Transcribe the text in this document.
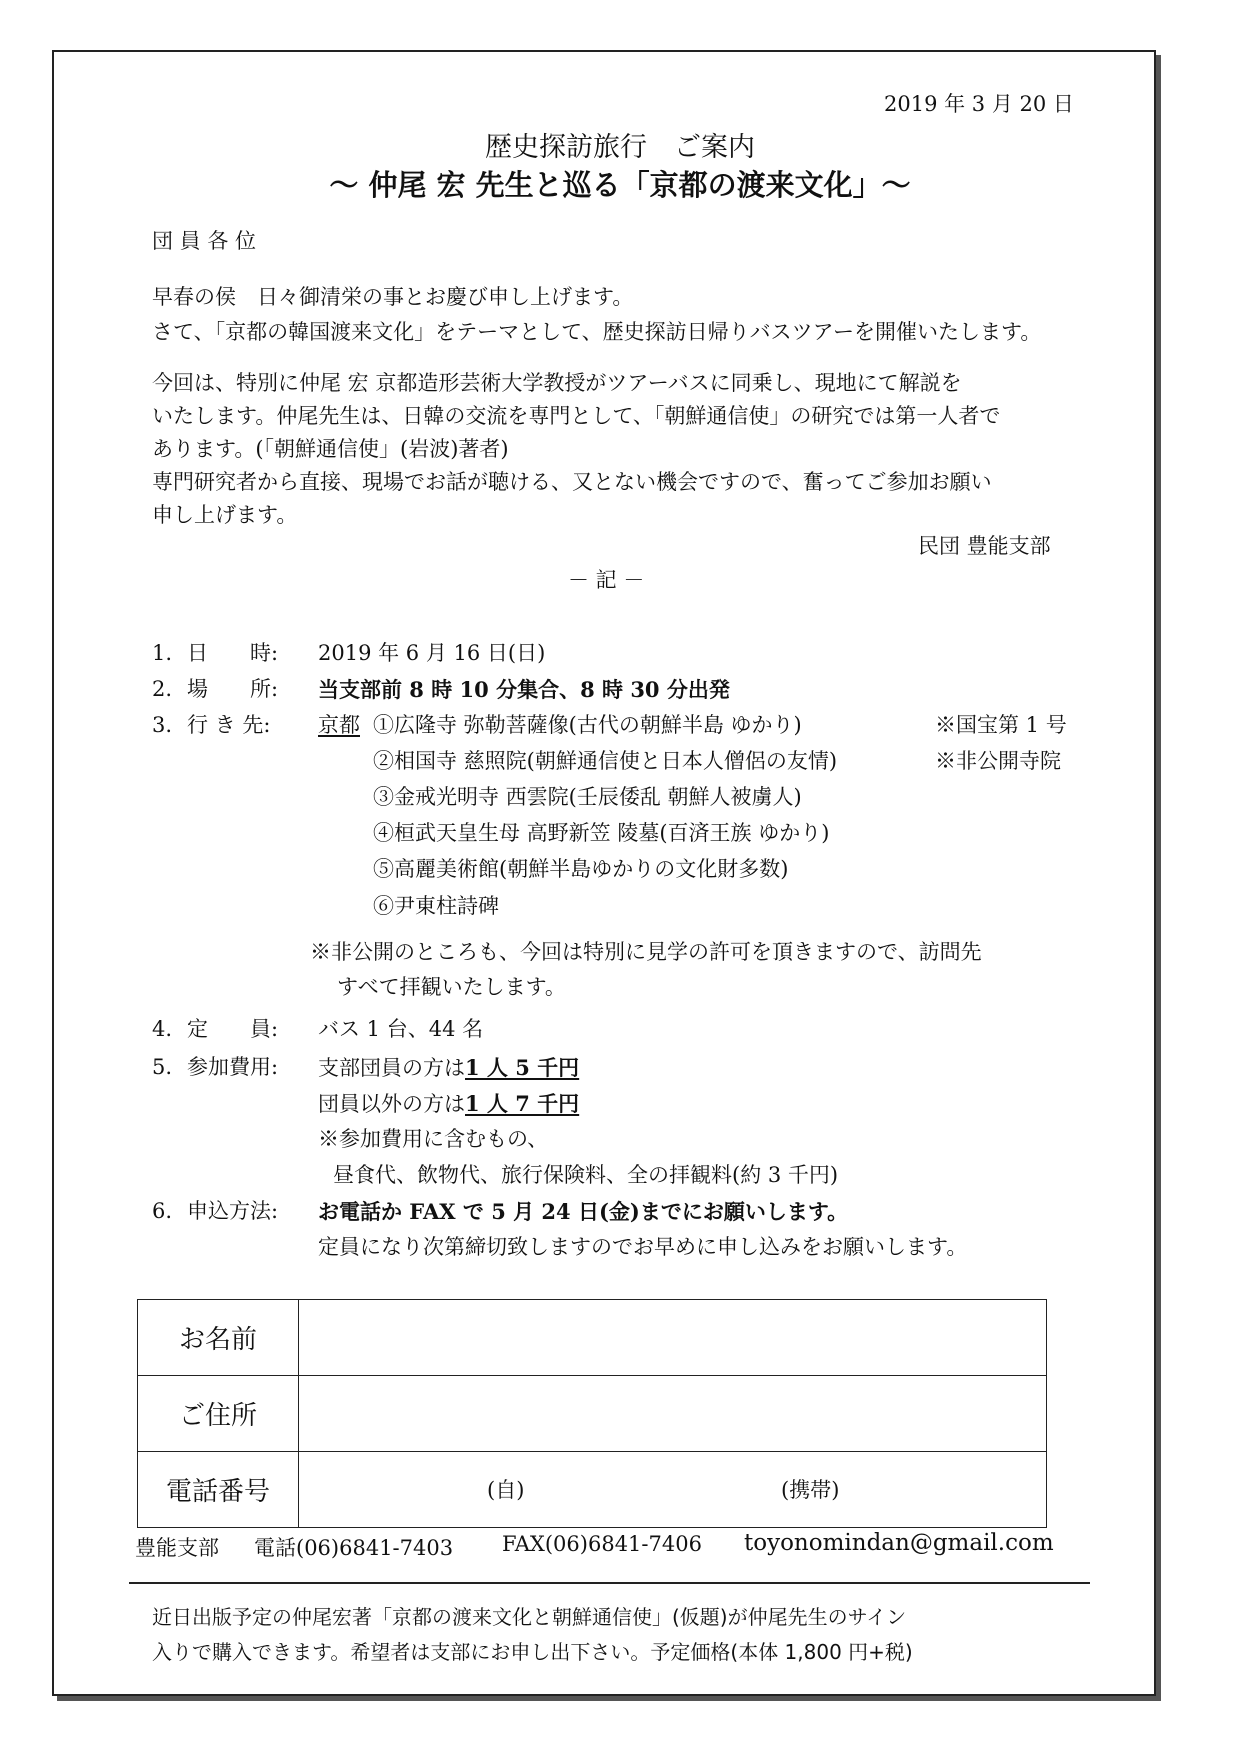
2019 年 3 月 20 日
歴史探訪旅行　ご案内
～ 仲尾 宏 先生と巡る「京都の渡来文化」～
団 員 各 位
早春の侯　日々御清栄の事とお慶び申し上げます。
さて、「京都の韓国渡来文化」をテーマとして、歴史探訪日帰りバスツアーを開催いたします。
今回は、特別に仲尾 宏 京都造形芸術大学教授がツアーバスに同乗し、現地にて解説を
いたします。仲尾先生は、日韓の交流を専門として、「朝鮮通信使」の研究では第一人者で
あります。(「朝鮮通信使」(岩波)著者)
専門研究者から直接、現場でお話が聴ける、又とない機会ですので、奮ってご参加お願い
申し上げます。
民団 豊能支部
－ 記 －
1. 日　　時: 2019 年 6 月 16 日(日)
2. 場　　所: 当支部前 8 時 10 分集合、8 時 30 分出発
3. 行 き 先: 京都 ①広隆寺 弥勒菩薩像(古代の朝鮮半島 ゆかり)	※国宝第 1 号
②相国寺 慈照院(朝鮮通信使と日本人僧侶の友情)	※非公開寺院
③金戒光明寺 西雲院(壬辰倭乱 朝鮮人被虜人)
④桓武天皇生母 高野新笠 陵墓(百済王族 ゆかり)
⑤高麗美術館(朝鮮半島ゆかりの文化財多数)
⑥尹東柱詩碑
※非公開のところも、今回は特別に見学の許可を頂きますので、訪問先
すべて拝観いたします。
4. 定　　員: バス 1 台、44 名
5. 参加費用: 支部団員の方は1 人 5 千円
団員以外の方は1 人 7 千円
※参加費用に含むもの、
昼食代、飲物代、旅行保険料、全の拝観料(約 3 千円)
6. 申込方法: お電話か FAX で 5 月 24 日(金)までにお願いします。
定員になり次第締切致しますのでお早めに申し込みをお願いします。
お名前	
ご住所	
電話番号	(自) (携帯)
豊能支部 電話(06)6841-7403 FAX(06)6841-7406 toyonomindan@gmail.com
近日出版予定の仲尾宏著「京都の渡来文化と朝鮮通信使」(仮題)が仲尾先生のサイン
入りで購入できます。希望者は支部にお申し出下さい。予定価格(本体 1,800 円+税)
